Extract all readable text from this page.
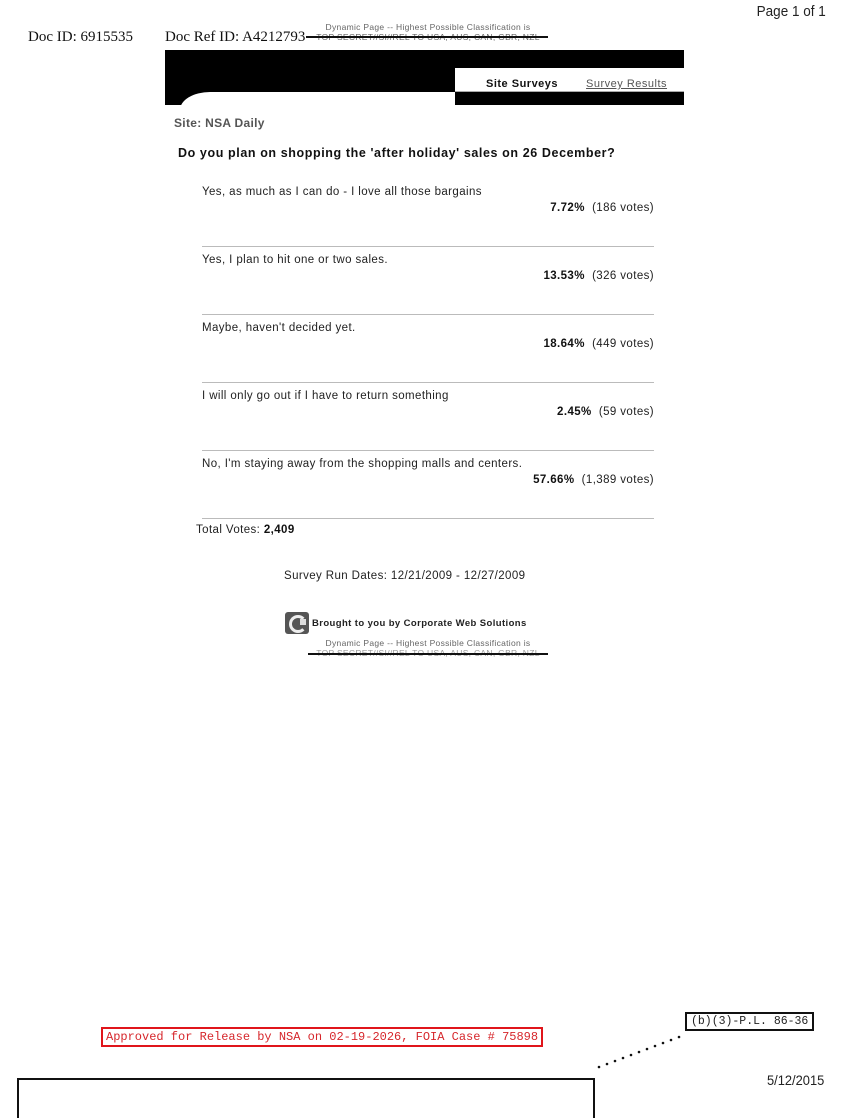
Page 1 of 1
Doc ID: 6915535 Doc Ref ID: A4212793
Dynamic Page -- Highest Possible Classification is
Site Surveys	Survey Results
Site: NSA Daily
Do you plan on shopping the 'after holiday' sales on 26 December?
Yes, as much as I can do - I love all those bargains
7.72% (186 votes)
Yes, I plan to hit one or two sales.
13.53% (326 votes)
Maybe, haven't decided yet.
18.64% (449 votes)
I will only go out if I have to return something
2.45% (59 votes)
No, I'm staying away from the shopping malls and centers.
57.66% (1,389 votes)
Total Votes: 2,409
Survey Run Dates: 12/21/2009 - 12/27/2009
Brought to you by Corporate Web Solutions
Dynamic Page -- Highest Possible Classification is
Approved for Release by NSA on 02-19-2026, FOIA Case # 75898
(b)(3)-P.L. 86-36
5/12/2015
